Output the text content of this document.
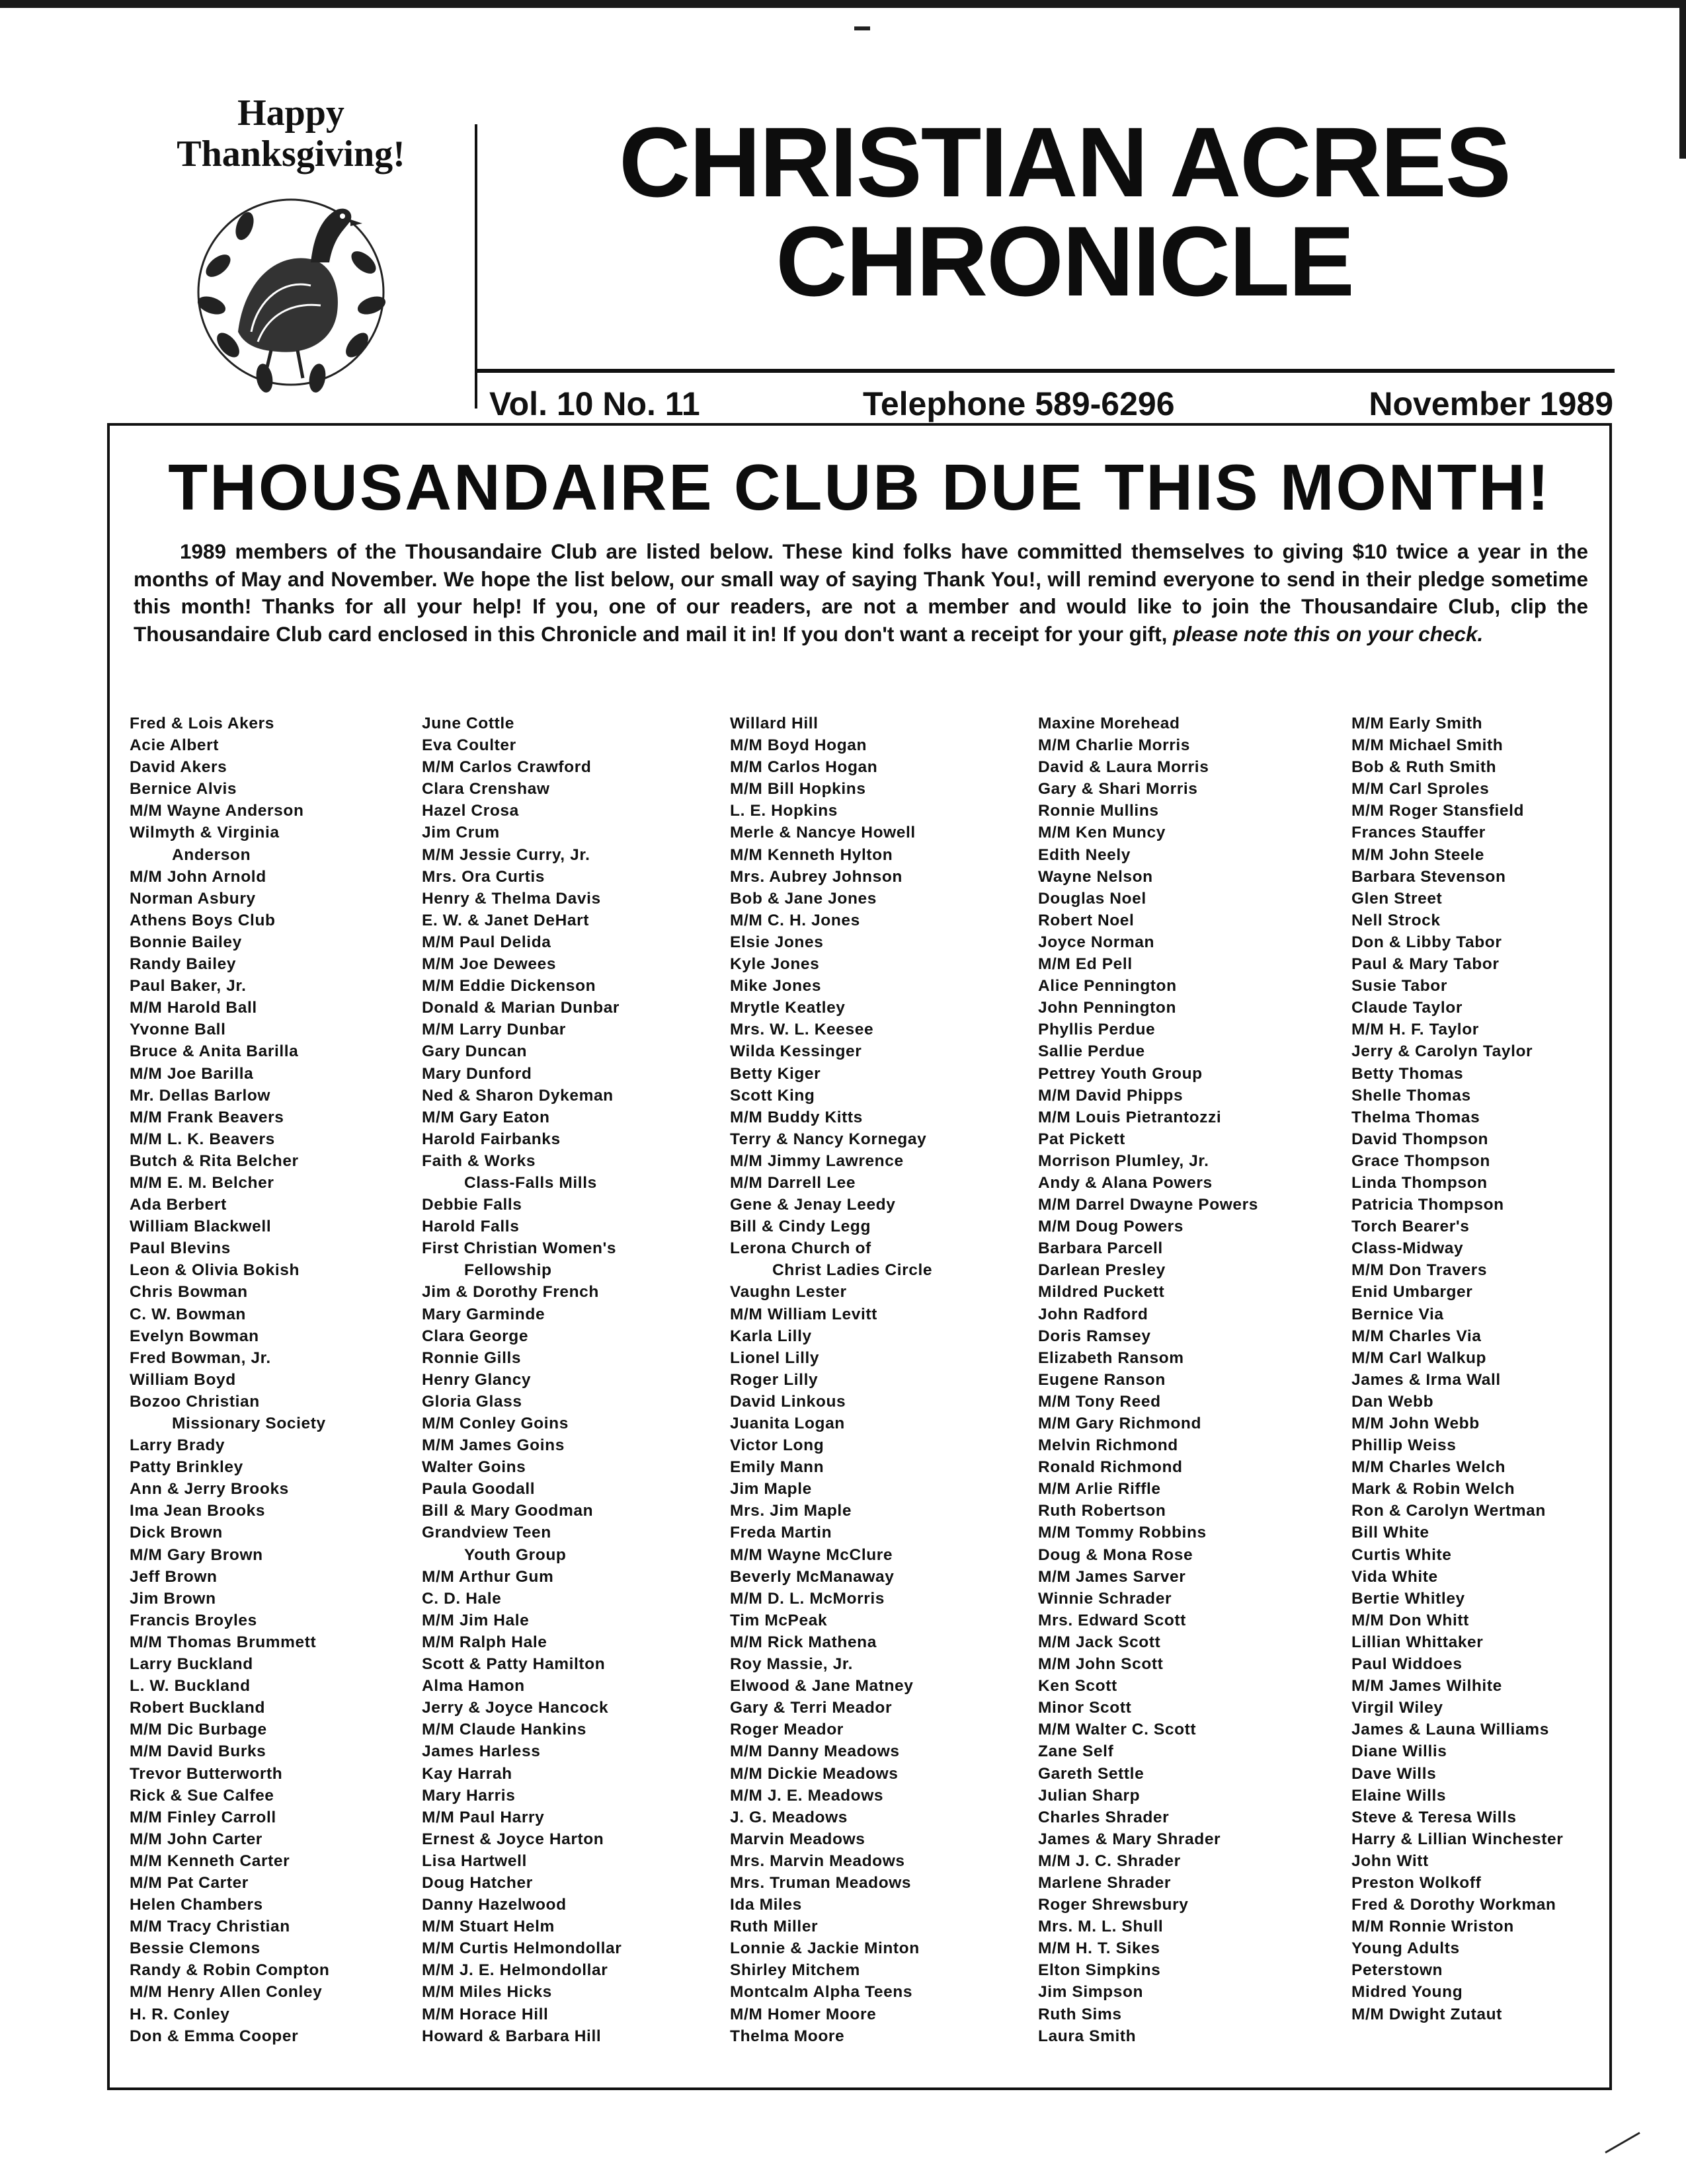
Happy
Thanksgiving!	CHRISTIAN ACRES
CHRONICLE
Vol. 10 No. 11	Telephone 589-6296	November 1989
THOUSANDAIRE CLUB DUE THIS MONTH!
1989 members of the Thousandaire Club are listed below. These kind folks have committed themselves to giving $10 twice a year in the months of May and November. We hope the list below, our small way of saying Thank You!, will remind everyone to send in their pledge sometime this month! Thanks for all your help! If you, one of our readers, are not a member and would like to join the Thousandaire Club, clip the Thousandaire Club card enclosed in this Chronicle and mail it in! If you don't want a receipt for your gift, please note this on your check.
Fred & Lois Akers
Acie Albert
David Akers
Bernice Alvis
M/M Wayne Anderson
Wilmyth & Virginia
Anderson
M/M John Arnold
Norman Asbury
Athens Boys Club
Bonnie Bailey
Randy Bailey
Paul Baker, Jr.
M/M Harold Ball
Yvonne Ball
Bruce & Anita Barilla
M/M Joe Barilla
Mr. Dellas Barlow
M/M Frank Beavers
M/M L. K. Beavers
Butch & Rita Belcher
M/M E. M. Belcher
Ada Berbert
William Blackwell
Paul Blevins
Leon & Olivia Bokish
Chris Bowman
C. W. Bowman
Evelyn Bowman
Fred Bowman, Jr.
William Boyd
Bozoo Christian
Missionary Society
Larry Brady
Patty Brinkley
Ann & Jerry Brooks
Ima Jean Brooks
Dick Brown
M/M Gary Brown
Jeff Brown
Jim Brown
Francis Broyles
M/M Thomas Brummett
Larry Buckland
L. W. Buckland
Robert Buckland
M/M Dic Burbage
M/M David Burks
Trevor Butterworth
Rick & Sue Calfee
M/M Finley Carroll
M/M John Carter
M/M Kenneth Carter
M/M Pat Carter
Helen Chambers
M/M Tracy Christian
Bessie Clemons
Randy & Robin Compton
M/M Henry Allen Conley
H. R. Conley
Don & Emma Cooper
June Cottle
Eva Coulter
M/M Carlos Crawford
Clara Crenshaw
Hazel Crosa
Jim Crum
M/M Jessie Curry, Jr.
Mrs. Ora Curtis
Henry & Thelma Davis
E. W. & Janet DeHart
M/M Paul Delida
M/M Joe Dewees
M/M Eddie Dickenson
Donald & Marian Dunbar
M/M Larry Dunbar
Gary Duncan
Mary Dunford
Ned & Sharon Dykeman
M/M Gary Eaton
Harold Fairbanks
Faith & Works
Class-Falls Mills
Debbie Falls
Harold Falls
First Christian Women's
Fellowship
Jim & Dorothy French
Mary Garminde
Clara George
Ronnie Gills
Henry Glancy
Gloria Glass
M/M Conley Goins
M/M James Goins
Walter Goins
Paula Goodall
Bill & Mary Goodman
Grandview Teen
Youth Group
M/M Arthur Gum
C. D. Hale
M/M Jim Hale
M/M Ralph Hale
Scott & Patty Hamilton
Alma Hamon
Jerry & Joyce Hancock
M/M Claude Hankins
James Harless
Kay Harrah
Mary Harris
M/M Paul Harry
Ernest & Joyce Harton
Lisa Hartwell
Doug Hatcher
Danny Hazelwood
M/M Stuart Helm
M/M Curtis Helmondollar
M/M J. E. Helmondollar
M/M Miles Hicks
M/M Horace Hill
Howard & Barbara Hill
Willard Hill
M/M Boyd Hogan
M/M Carlos Hogan
M/M Bill Hopkins
L. E. Hopkins
Merle & Nancye Howell
M/M Kenneth Hylton
Mrs. Aubrey Johnson
Bob & Jane Jones
M/M C. H. Jones
Elsie Jones
Kyle Jones
Mike Jones
Mrytle Keatley
Mrs. W. L. Keesee
Wilda Kessinger
Betty Kiger
Scott King
M/M Buddy Kitts
Terry & Nancy Kornegay
M/M Jimmy Lawrence
M/M Darrell Lee
Gene & Jenay Leedy
Bill & Cindy Legg
Lerona Church of
Christ Ladies Circle
Vaughn Lester
M/M William Levitt
Karla Lilly
Lionel Lilly
Roger Lilly
David Linkous
Juanita Logan
Victor Long
Emily Mann
Jim Maple
Mrs. Jim Maple
Freda Martin
M/M Wayne McClure
Beverly McManaway
M/M D. L. McMorris
Tim McPeak
M/M Rick Mathena
Roy Massie, Jr.
Elwood & Jane Matney
Gary & Terri Meador
Roger Meador
M/M Danny Meadows
M/M Dickie Meadows
M/M J. E. Meadows
J. G. Meadows
Marvin Meadows
Mrs. Marvin Meadows
Mrs. Truman Meadows
Ida Miles
Ruth Miller
Lonnie & Jackie Minton
Shirley Mitchem
Montcalm Alpha Teens
M/M Homer Moore
Thelma Moore
Maxine Morehead
M/M Charlie Morris
David & Laura Morris
Gary & Shari Morris
Ronnie Mullins
M/M Ken Muncy
Edith Neely
Wayne Nelson
Douglas Noel
Robert Noel
Joyce Norman
M/M Ed Pell
Alice Pennington
John Pennington
Phyllis Perdue
Sallie Perdue
Pettrey Youth Group
M/M David Phipps
M/M Louis Pietrantozzi
Pat Pickett
Morrison Plumley, Jr.
Andy & Alana Powers
M/M Darrel Dwayne Powers
M/M Doug Powers
Barbara Parcell
Darlean Presley
Mildred Puckett
John Radford
Doris Ramsey
Elizabeth Ransom
Eugene Ranson
M/M Tony Reed
M/M Gary Richmond
Melvin Richmond
Ronald Richmond
M/M Arlie Riffle
Ruth Robertson
M/M Tommy Robbins
Doug & Mona Rose
M/M James Sarver
Winnie Schrader
Mrs. Edward Scott
M/M Jack Scott
M/M John Scott
Ken Scott
Minor Scott
M/M Walter C. Scott
Zane Self
Gareth Settle
Julian Sharp
Charles Shrader
James & Mary Shrader
M/M J. C. Shrader
Marlene Shrader
Roger Shrewsbury
Mrs. M. L. Shull
M/M H. T. Sikes
Elton Simpkins
Jim Simpson
Ruth Sims
Laura Smith
M/M Early Smith
M/M Michael Smith
Bob & Ruth Smith
M/M Carl Sproles
M/M Roger Stansfield
Frances Stauffer
M/M John Steele
Barbara Stevenson
Glen Street
Nell Strock
Don & Libby Tabor
Paul & Mary Tabor
Susie Tabor
Claude Taylor
M/M H. F. Taylor
Jerry & Carolyn Taylor
Betty Thomas
Shelle Thomas
Thelma Thomas
David Thompson
Grace Thompson
Linda Thompson
Patricia Thompson
Torch Bearer's
Class-Midway
M/M Don Travers
Enid Umbarger
Bernice Via
M/M Charles Via
M/M Carl Walkup
James & Irma Wall
Dan Webb
M/M John Webb
Phillip Weiss
M/M Charles Welch
Mark & Robin Welch
Ron & Carolyn Wertman
Bill White
Curtis White
Vida White
Bertie Whitley
M/M Don Whitt
Lillian Whittaker
Paul Widdoes
M/M James Wilhite
Virgil Wiley
James & Launa Williams
Diane Willis
Dave Wills
Elaine Wills
Steve & Teresa Wills
Harry & Lillian Winchester
John Witt
Preston Wolkoff
Fred & Dorothy Workman
M/M Ronnie Wriston
Young Adults
Peterstown
Midred Young
M/M Dwight Zutaut
